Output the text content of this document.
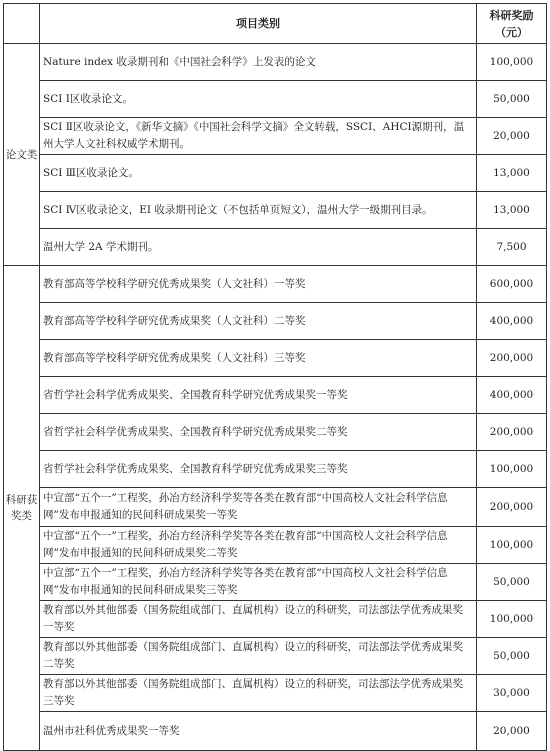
	项目类别	科研奖励
（元）

论文类	Nature index 收录期刊和《中国社会科学》上发表的论文	100,000
	SCI Ⅰ区收录论文。	50,000
	SCI Ⅱ区收录论文，《新华文摘》《中国社会科学文摘》全文转载，SSCI、AHCI源期刊，温州大学人文社科权威学术期刊。	20,000
	SCI Ⅲ区收录论文。	13,000
	SCI Ⅳ区收录论文，EI 收录期刊论文（不包括单页短文），温州大学一级期刊目录。	13,000
	温州大学 2A 学术期刊。	7,500

科研获
奖类	教育部高等学校科学研究优秀成果奖（人文社科）一等奖	600,000
	教育部高等学校科学研究优秀成果奖（人文社科）二等奖	400,000
	教育部高等学校科学研究优秀成果奖（人文社科）三等奖	200,000
	省哲学社会科学优秀成果奖、全国教育科学研究优秀成果奖一等奖	400,000
	省哲学社会科学优秀成果奖、全国教育科学研究优秀成果奖二等奖	200,000
	省哲学社会科学优秀成果奖、全国教育科学研究优秀成果奖三等奖	100,000
	中宣部“五个一”工程奖，孙冶方经济科学奖等各类在教育部“中国高校人文社会科学信息网”发布申报通知的民间科研成果奖一等奖	200,000
	中宣部“五个一”工程奖，孙冶方经济科学奖等各类在教育部“中国高校人文社会科学信息网”发布申报通知的民间科研成果奖二等奖	100,000
	中宣部“五个一”工程奖，孙冶方经济科学奖等各类在教育部“中国高校人文社会科学信息网”发布申报通知的民间科研成果奖三等奖	50,000
	教育部以外其他部委（国务院组成部门、直属机构）设立的科研奖，司法部法学优秀成果奖一等奖	100,000
	教育部以外其他部委（国务院组成部门、直属机构）设立的科研奖，司法部法学优秀成果奖二等奖	50,000
	教育部以外其他部委（国务院组成部门、直属机构）设立的科研奖，司法部法学优秀成果奖三等奖	30,000
	温州市社科优秀成果奖一等奖	20,000
